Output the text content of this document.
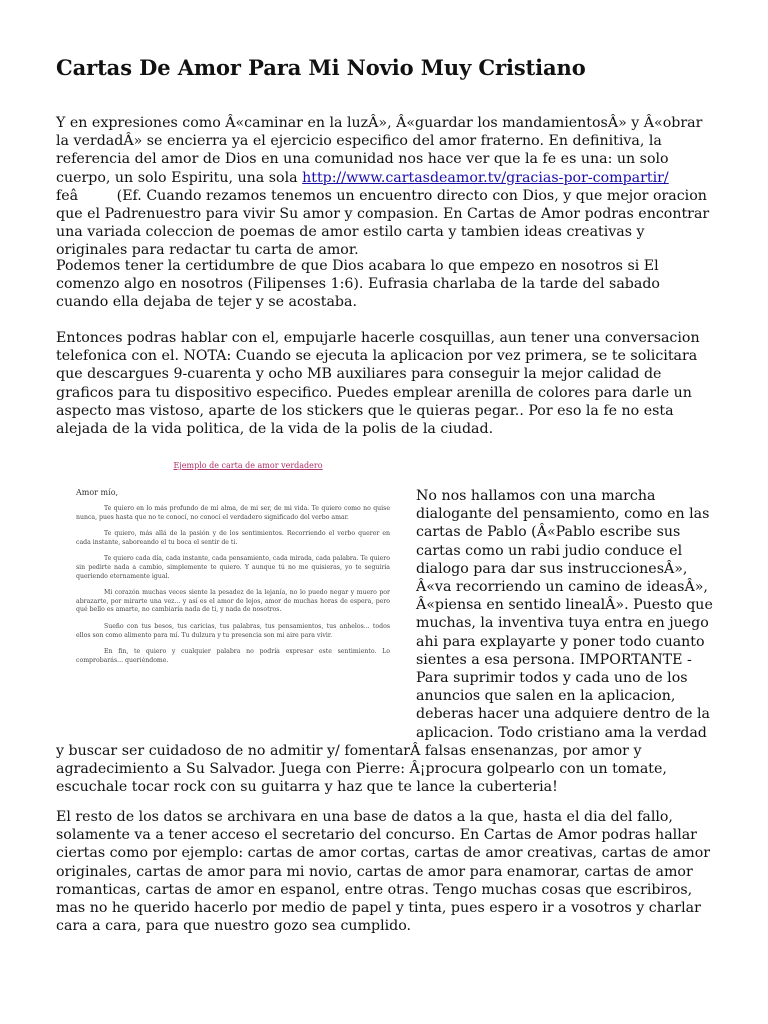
Cartas De Amor Para Mi Novio Muy Cristiano

Y en expresiones como Â«caminar en la luzÂ», Â«guardar los mandamientosÂ» y Â«obrar la verdadÂ» se encierra ya el ejercicio especifico del amor fraterno. En definitiva, la referencia del amor de Dios en una comunidad nos hace ver que la fe es una: un solo cuerpo, un solo Espiritu, una sola http://www.cartasdeamor.tv/gracias-por-compartir/ feâ (Ef. Cuando rezamos tenemos un encuentro directo con Dios, y que mejor oracion que el Padrenuestro para vivir Su amor y compasion. En Cartas de Amor podras encontrar una variada coleccion de poemas de amor estilo carta y tambien ideas creativas y originales para redactar tu carta de amor.

Podemos tener la certidumbre de que Dios acabara lo que empezo en nosotros si El comenzo algo en nosotros (Filipenses 1:6). Eufrasia charlaba de la tarde del sabado cuando ella dejaba de tejer y se acostaba.

Entonces podras hablar con el, empujarle hacerle cosquillas, aun tener una conversacion telefonica con el. NOTA: Cuando se ejecuta la aplicacion por vez primera, se te solicitara que descargues 9-cuarenta y ocho MB auxiliares para conseguir la mejor calidad de graficos para tu dispositivo especifico. Puedes emplear arenilla de colores para darle un aspecto mas vistoso, aparte de los stickers que le quieras pegar.. Por eso la fe no esta alejada de la vida politica, de la vida de la polis de la ciudad.

Ejemplo de carta de amor verdadero
Amor mío,
Te quiero en lo más profundo de mi alma, de mi ser, de mi vida. Te quiero como no quise nunca, pues hasta que no te conocí, no conocí el verdadero significado del verbo amar.
Te quiero, más allá de la pasión y de los sentimientos. Recorriendo el verbo querer en cada instante, saboreando el tu boca el sentir de ti.
Te quiero cada día, cada instante, cada pensamiento, cada mirada, cada palabra. Te quiero sin pedirte nada a cambio, simplemente te quiero. Y aunque tú no me quisieras, yo te seguiría queriendo eternamente igual.
Mi corazón muchas veces siente la pesadez de la lejanía, no lo puedo negar y muero por abrazarte, por mirarte una vez... y así es el amor de lejos, amor de muchas horas de espera, pero qué bello es amarte, no cambiaría nada de ti, y nada de nosotros.
Sueño con tus besos, tus caricias, tus palabras, tus pensamientos, tus anhelos... todos ellos son como alimento para mí. Tu dulzura y tu presencia son mi aire para vivir.
En fin, te quiero y cualquier palabra no podría expresar este sentimiento. Lo comprobarás... queriéndome.

No nos hallamos con una marcha dialogante del pensamiento, como en las cartas de Pablo (Â«Pablo escribe sus cartas como un rabi judio conduce el dialogo para dar sus instruccionesÂ», Â«va recorriendo un camino de ideasÂ», Â«piensa en sentido linealÂ». Puesto que muchas, la inventiva tuya entra en juego ahi para explayarte y poner todo cuanto sientes a esa persona. IMPORTANTE - Para suprimir todos y cada uno de los anuncios que salen en la aplicacion, deberas hacer una adquiere dentro de la aplicacion. Todo cristiano ama la verdad y buscar ser cuidadoso de no admitir y/ fomentarÂ falsas ensenanzas, por amor y agradecimiento a Su Salvador. Juega con Pierre: Â¡procura golpearlo con un tomate, escuchale tocar rock con su guitarra y haz que te lance la cuberteria!

El resto de los datos se archivara en una base de datos a la que, hasta el dia del fallo, solamente va a tener acceso el secretario del concurso. En Cartas de Amor podras hallar ciertas como por ejemplo: cartas de amor cortas, cartas de amor creativas, cartas de amor originales, cartas de amor para mi novio, cartas de amor para enamorar, cartas de amor romanticas, cartas de amor en espanol, entre otras. Tengo muchas cosas que escribiros, mas no he querido hacerlo por medio de papel y tinta, pues espero ir a vosotros y charlar cara a cara, para que nuestro gozo sea cumplido.
